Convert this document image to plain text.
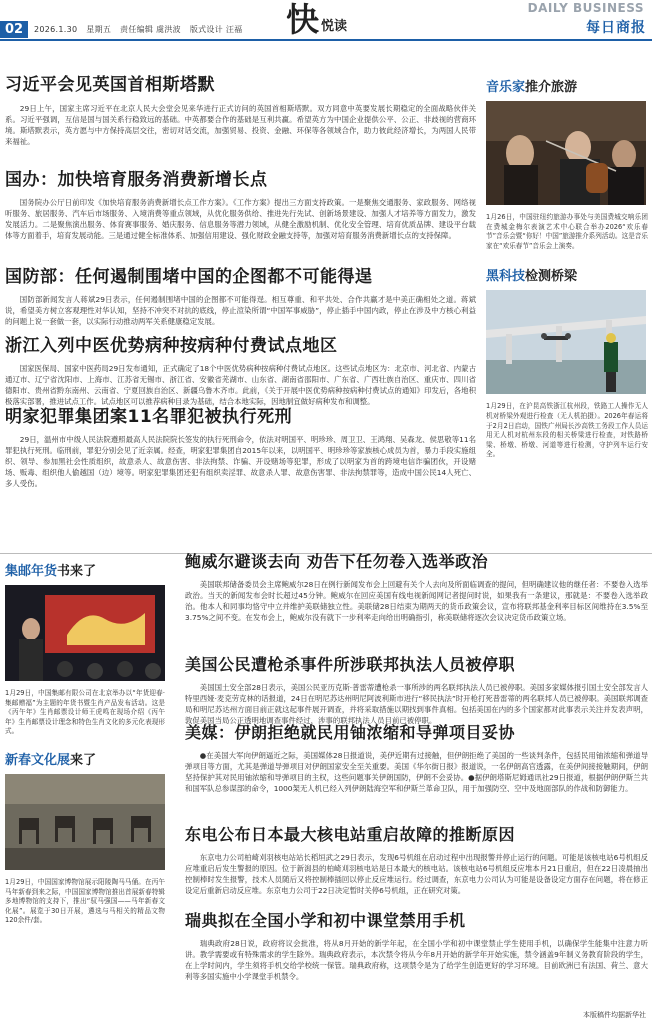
02	2026.1.30 星期五 责任编辑 虞洪波 版式设计 汪福 快 悦读
DAILY BUSINESS
每日商报
习近平会见英国首相斯塔默

29日上午，国家主席习近平在北京人民大会堂会见来华进行正式访问的英国首相斯塔默。双方同意中英要发展长期稳定的全面战略伙伴关系。习近平强调，互信是国与国关系行稳致远的基础。中英都要合作的基础是互利共赢。希望英方为中国企业提供公平、公正、非歧视的营商环境。斯塔默表示，英方愿与中方保持高层交往，密切对话交流，加强贸易、投资、金融、环保等各领域合作，助力彼此经济增长，为两国人民带来福祉。

国办：加快培育服务消费新增长点

国务院办公厅日前印发《加快培育服务消费新增长点工作方案》。《工作方案》提出三方面支持政策。一是聚焦交通服务、家政服务、网络视听服务、旅居服务、汽车后市场服务、入境消费等重点领域，从优化服务供给、推进先行先试、创新场景建设、加强人才培养等方面发力，激发发展活力。二是聚焦演出服务、体育赛事服务、婚庆服务、信息服务等潜力领域，从健全激励机制、优化安全管理、培育优质品牌、建设平台载体等方面着手，培育发展动能。三是通过健全标准体系、加强信用建设、强化财政金融支持等，加强对培育服务消费新增长点的支持保障。

国防部：任何遏制围堵中国的企图都不可能得逞

国防部新闻发言人蒋斌29日表示，任何遏制围堵中国的企图都不可能得逞。相互尊重、和平共处、合作共赢才是中美正确相处之道。蒋斌说，希望美方树立客观理性对华认知，坚持不冲突不对抗的底线，停止渲染所谓“中国军事威胁”，停止插手中国内政，停止在涉及中方核心利益的问题上说一套做一套，以实际行动推动两军关系健康稳定发展。

浙江入列中医优势病种按病种付费试点地区

国家医保局、国家中医药局29日发布通知，正式确定了18个中医优势病种按病种付费试点地区。这些试点地区为：北京市、河北省、内蒙古通辽市、辽宁省沈阳市、上海市、江苏省无锡市、浙江省、安徽省芜湖市、山东省、湖南省邵阳市、广东省、广西壮族自治区、重庆市、四川省德阳市、贵州省黔东南州、云南省、宁夏回族自治区、新疆乌鲁木齐市。此前，《关于开展中医优势病种按病种付费试点的通知》印发后，各地积极落实部署，推进试点工作。试点地区可以推荐病种目录为基础，结合本地实际，因地制宜做好病种发布和调整。

明家犯罪集团案11名罪犯被执行死刑

29日，温州市中级人民法院遵照最高人民法院院长签发的执行死刑命令，依法对明国平、明珍珍、周卫卫、王鸿翔、吴森龙、侯思敬等11名罪犯执行死刑。临刑前，罪犯分别会见了近亲属。经查，明家犯罪集团自2015年以来，以明国平、明珍珍等家族核心成员为首，暴力手段实施组织、领导、参加黑社会性质组织，故意杀人、故意伤害、非法拘禁、诈骗、开设赌场等犯罪，形成了以明家为首的跨境电信诈骗团伙，开设赌场、贩毒、组织他人偷越国（边）境等。明家犯罪集团还犯有组织卖淫罪、故意杀人罪、故意伤害罪、非法拘禁罪等，造成中国公民14人死亡、多人受伤。

音乐家推介旅游
1月26日，中国驻纽约旅游办事处与美国费城交响乐团在费城金梅尔表演艺术中心联合举办2026“欢乐春节”音乐会暨“你好！中国”旅游推介系列活动。这是音乐家在“欢乐春节”音乐会上演奏。
黑科技检测桥梁
1月29日，在沪昆高铁浙江杭州段，铁路工人操作无人机对桥梁外观进行检查（无人机拍摄）。2026年春运将于2月2日启动，国铁广州局长沙高铁工务段工作人员运用无人机对杭州东段的相关桥梁进行检查，对铁路桥梁、桥墩、桥墩、河道等进行检测，守护列车运行安全。
集邮年货书来了
1月29日，中国集邮有限公司在北京举办以“年货迎春·集邮赠福”为主题的年货书暨生肖产品发布活动。这是《丙午年》生肖邮票设计师王虎鸣在现场介绍《丙午年》生肖邮票设计理念和特色生肖文化的多元化表现形式。
新春文化展来了
1月29日，中国国家博物馆展示阳陵陶马马俑。在丙午马年新春到来之际，中国国家博物馆推出首展新春特辑多地博物馆的支持下，推出“驭马强国——马年新春文化展”。展览于30日开展，遴选与马相关的精品文物120余件/套。
鲍威尔避谈去向 劝告下任勿卷入选举政治

美国联邦储备委员会主席鲍威尔28日在例行新闻发布会上回避有关个人去向及所面临调查的提问，但明确建议他的继任者：不要卷入选举政治。当天的新闻发布会时长超过45分钟。鲍威尔在回应美国有线电视新闻网记者提问时说，如果我有一条建议，那就是：不要卷入选举政治。他本人和同事均恪守中立并维护美联储独立性。美联储28日结束为期两天的货币政策会议，宣布将联邦基金利率目标区间维持在3.5%至3.75%之间不变。在发布会上，鲍威尔没有就下一步利率走向给出明确指引，称美联储将逐次会议决定货币政策立场。

美国公民遭枪杀事件所涉联邦执法人员被停职

美国国土安全部28日表示，美国公民亚历克斯·普雷蒂遭枪杀一事所涉的两名联邦执法人员已被停职。美国多家媒体报引国土安全部发言人特里西娅·麦克劳克林的话报道，24日在明尼苏达州明尼阿波利斯市进行“移民执法”时开枪打死普雷蒂的两名联邦人员已被停职。美国联邦调查局和明尼苏达州方面目前正就这起事件展开调查，并将采取措施以期找到事件真相。包括美国在内的多个国家都对此事表示关注并发表声明，敦促美国当局公正透明地调查事件经过，涉事的联邦执法人员目前已被停职。

美媒：伊朗拒绝就民用铀浓缩和导弹项目妥协

●在美国大军向伊朗逼近之际，美国媒体28日报道说，美伊近期有过接触，但伊朗拒绝了美国的一些谈判条件，包括民用铀浓缩和弹道导弹项目等方面，尤其是弹道导弹项目对伊朗国家安全至关重要。美国《华尔街日报》报道说，一名伊朗高官透露，在美伊间接接触期间，伊朗坚持保护其对民用铀浓缩和导弹项目的主权，这些问题事关伊朗国防，伊朗不会妥协。●据伊朗塔斯尼姆通讯社29日报道，根据伊朗伊斯兰共和国军队总参谋部的命令，1000架无人机已经入列伊朗陆海空军和伊斯兰革命卫队，用于加强防空、空中及地面部队的作战和防御能力。

东电公布日本最大核电站重启故障的推断原因

东京电力公司柏崎刈羽核电站站长稻垣武之29日表示，发现6号机组在启动过程中出现报警并停止运行的问题。可能是该核电站6号机组反应堆重启后发生警报的原因。位于新潟县的柏崎刈羽核电站是日本最大的核电站。该核电站6号机组反应堆本月21日重启，但在22日凌晨抽出控制棒时发生报警，技术人员随后又将控制棒插回以停止反应堆运行。经过调查，东京电力公司认为可能是设备设定方面存在问题，将在修正设定后重新启动反应堆。东京电力公司于22日决定暂时关停6号机组，正在研究对策。

瑞典拟在全国小学和初中课堂禁用手机

瑞典政府28日说，政府将议会批准，将从8月开始的新学年起，在全国小学和初中课堂禁止学生使用手机，以确保学生能集中注意力听讲。教学需要或有特殊需求的学生除外。瑞典政府表示，本次禁令将从今年8月开始的新学年开始实施，禁令涵盖9年制义务教育阶段的学生，在上学时间内，学生须将手机交给学校统一保管。瑞典政府称，这项禁令是为了给学生创造更好的学习环境。目前欧洲已有法国、荷兰、意大利等多国实施中小学课堂手机禁令。

本版稿件均据新华社
